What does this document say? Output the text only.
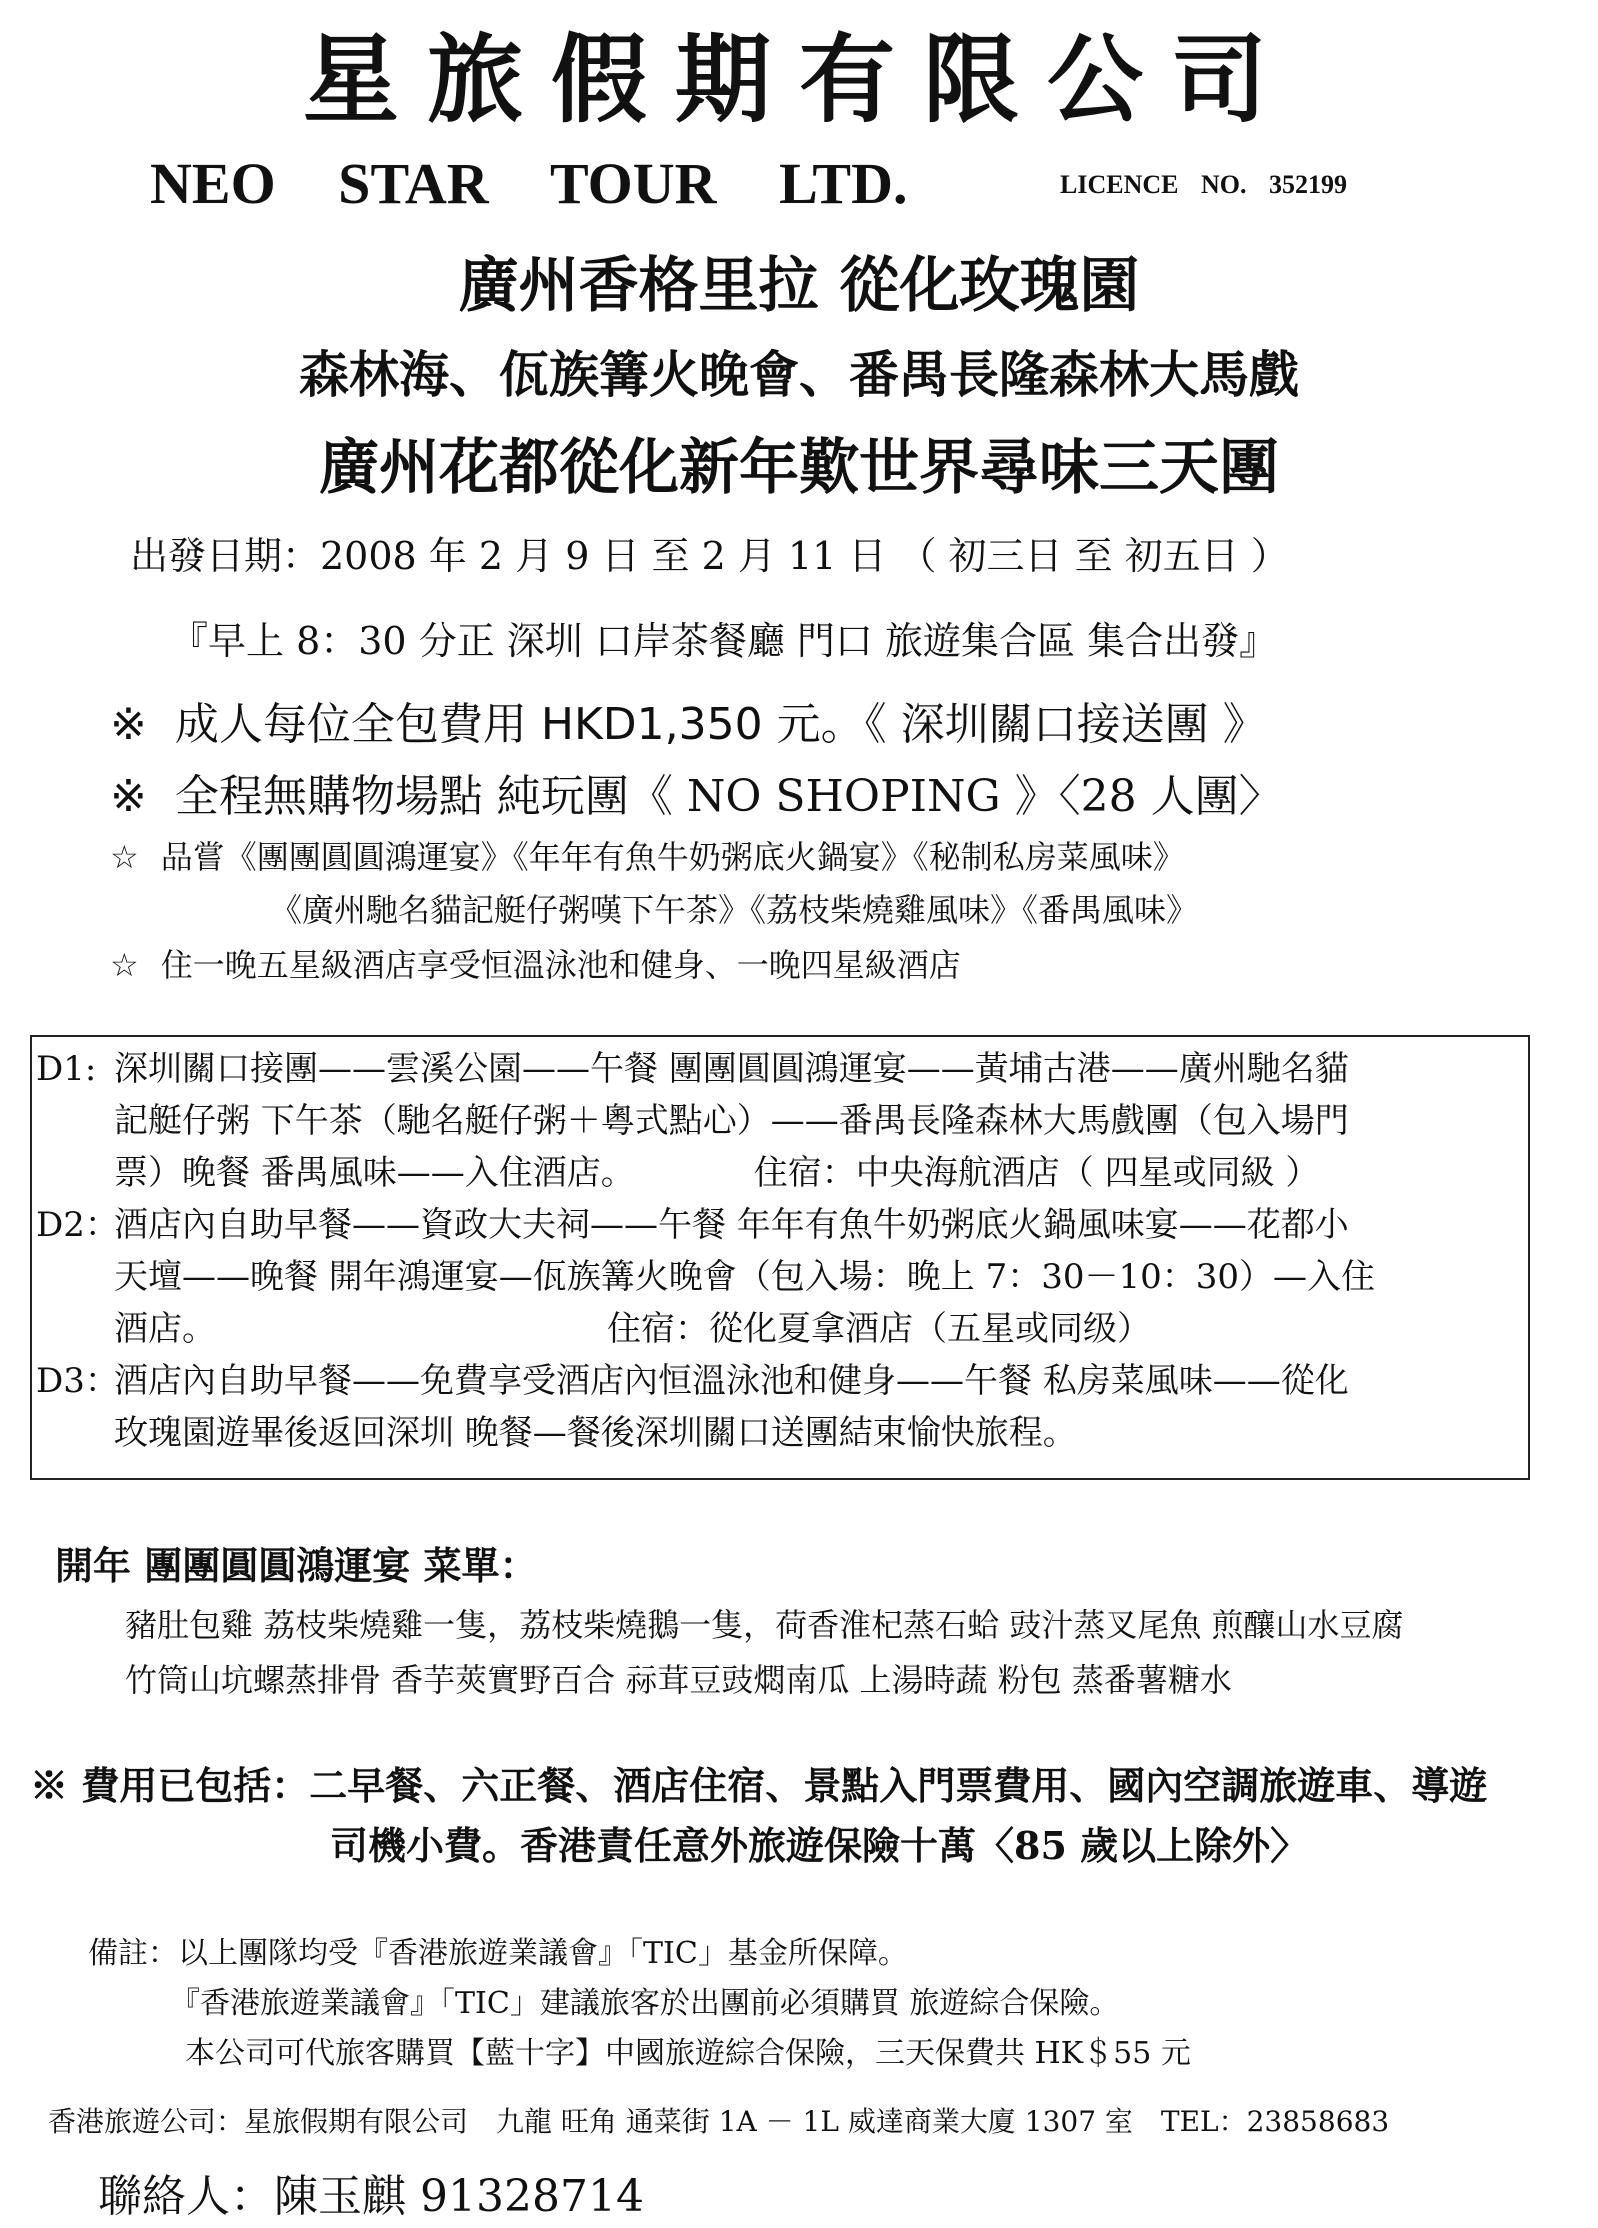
星旅假期有限公司
NEO STAR TOUR LTD.	LICENCE NO. 352199
廣州香格里拉 從化玫瑰園
森林海、佤族篝火晚會、番禺長隆森林大馬戲
廣州花都從化新年歎世界尋味三天團
出發日期：2008 年 2 月 9 日 至 2 月 11 日 （ 初三日 至 初五日 ）
『早上 8：30 分正 深圳 口岸茶餐廳 門口 旅遊集合區 集合出發』
※ 成人每位全包費用 HKD1,350 元。《 深圳關口接送團 》
※ 全程無購物場點 純玩團《 NO SHOPING 》〈28 人團〉
☆ 品嘗《團團圓圓鴻運宴》《年年有魚牛奶粥底火鍋宴》《秘制私房菜風味》
《廣州馳名貓記艇仔粥嘆下午茶》《荔枝柴燒雞風味》《番禺風味》
☆ 住一晚五星級酒店享受恒溫泳池和健身、一晚四星級酒店
D1: 深圳關口接團——雲溪公園——午餐 團團圓圓鴻運宴——黃埔古港——廣州馳名貓
記艇仔粥 下午茶（馳名艇仔粥＋粵式點心）——番禺長隆森林大馬戲團（包入場門
票）晚餐 番禺風味——入住酒店。　　　　住宿：中央海航酒店（ 四星或同級 ）
D2：
酒店內自助早餐——資政大夫祠——午餐 年年有魚牛奶粥底火鍋風味宴——花都小
天壇——晚餐 開年鴻運宴—佤族篝火晚會（包入場：晚上 7：30－10：30）—入住
酒店。　　　　　　　　　　　　住宿：從化夏拿酒店（五星或同级）
D3：
酒店內自助早餐——免費享受酒店內恒溫泳池和健身——午餐 私房菜風味——從化
玫瑰園遊畢後返回深圳 晚餐—餐後深圳關口送團結束愉快旅程。
開年 團團圓圓鴻運宴 菜單：
豬肚包雞 荔枝柴燒雞一隻，荔枝柴燒鵝一隻，荷香淮杞蒸石蛤 豉汁蒸叉尾魚 煎釀山水豆腐
竹筒山坑螺蒸排骨 香芋莢實野百合 祘茸豆豉燜南瓜 上湯時蔬 粉包 蒸番薯糖水
※ 費用已包括：二早餐、六正餐、酒店住宿、景點入門票費用、國內空調旅遊車、導遊
司機小費。香港責任意外旅遊保險十萬〈85 歲以上除外〉
備註：以上團隊均受『香港旅遊業議會』「TIC」基金所保障。
『香港旅遊業議會』「TIC」建議旅客於出團前必須購買 旅遊綜合保險。
本公司可代旅客購買【藍十字】中國旅遊綜合保險，三天保費共 HK＄55 元
香港旅遊公司：星旅假期有限公司　九龍 旺角 通菜街 1A － 1L 威達商業大廈 1307 室　TEL：23858683
聯絡人：陳玉麒 91328714
